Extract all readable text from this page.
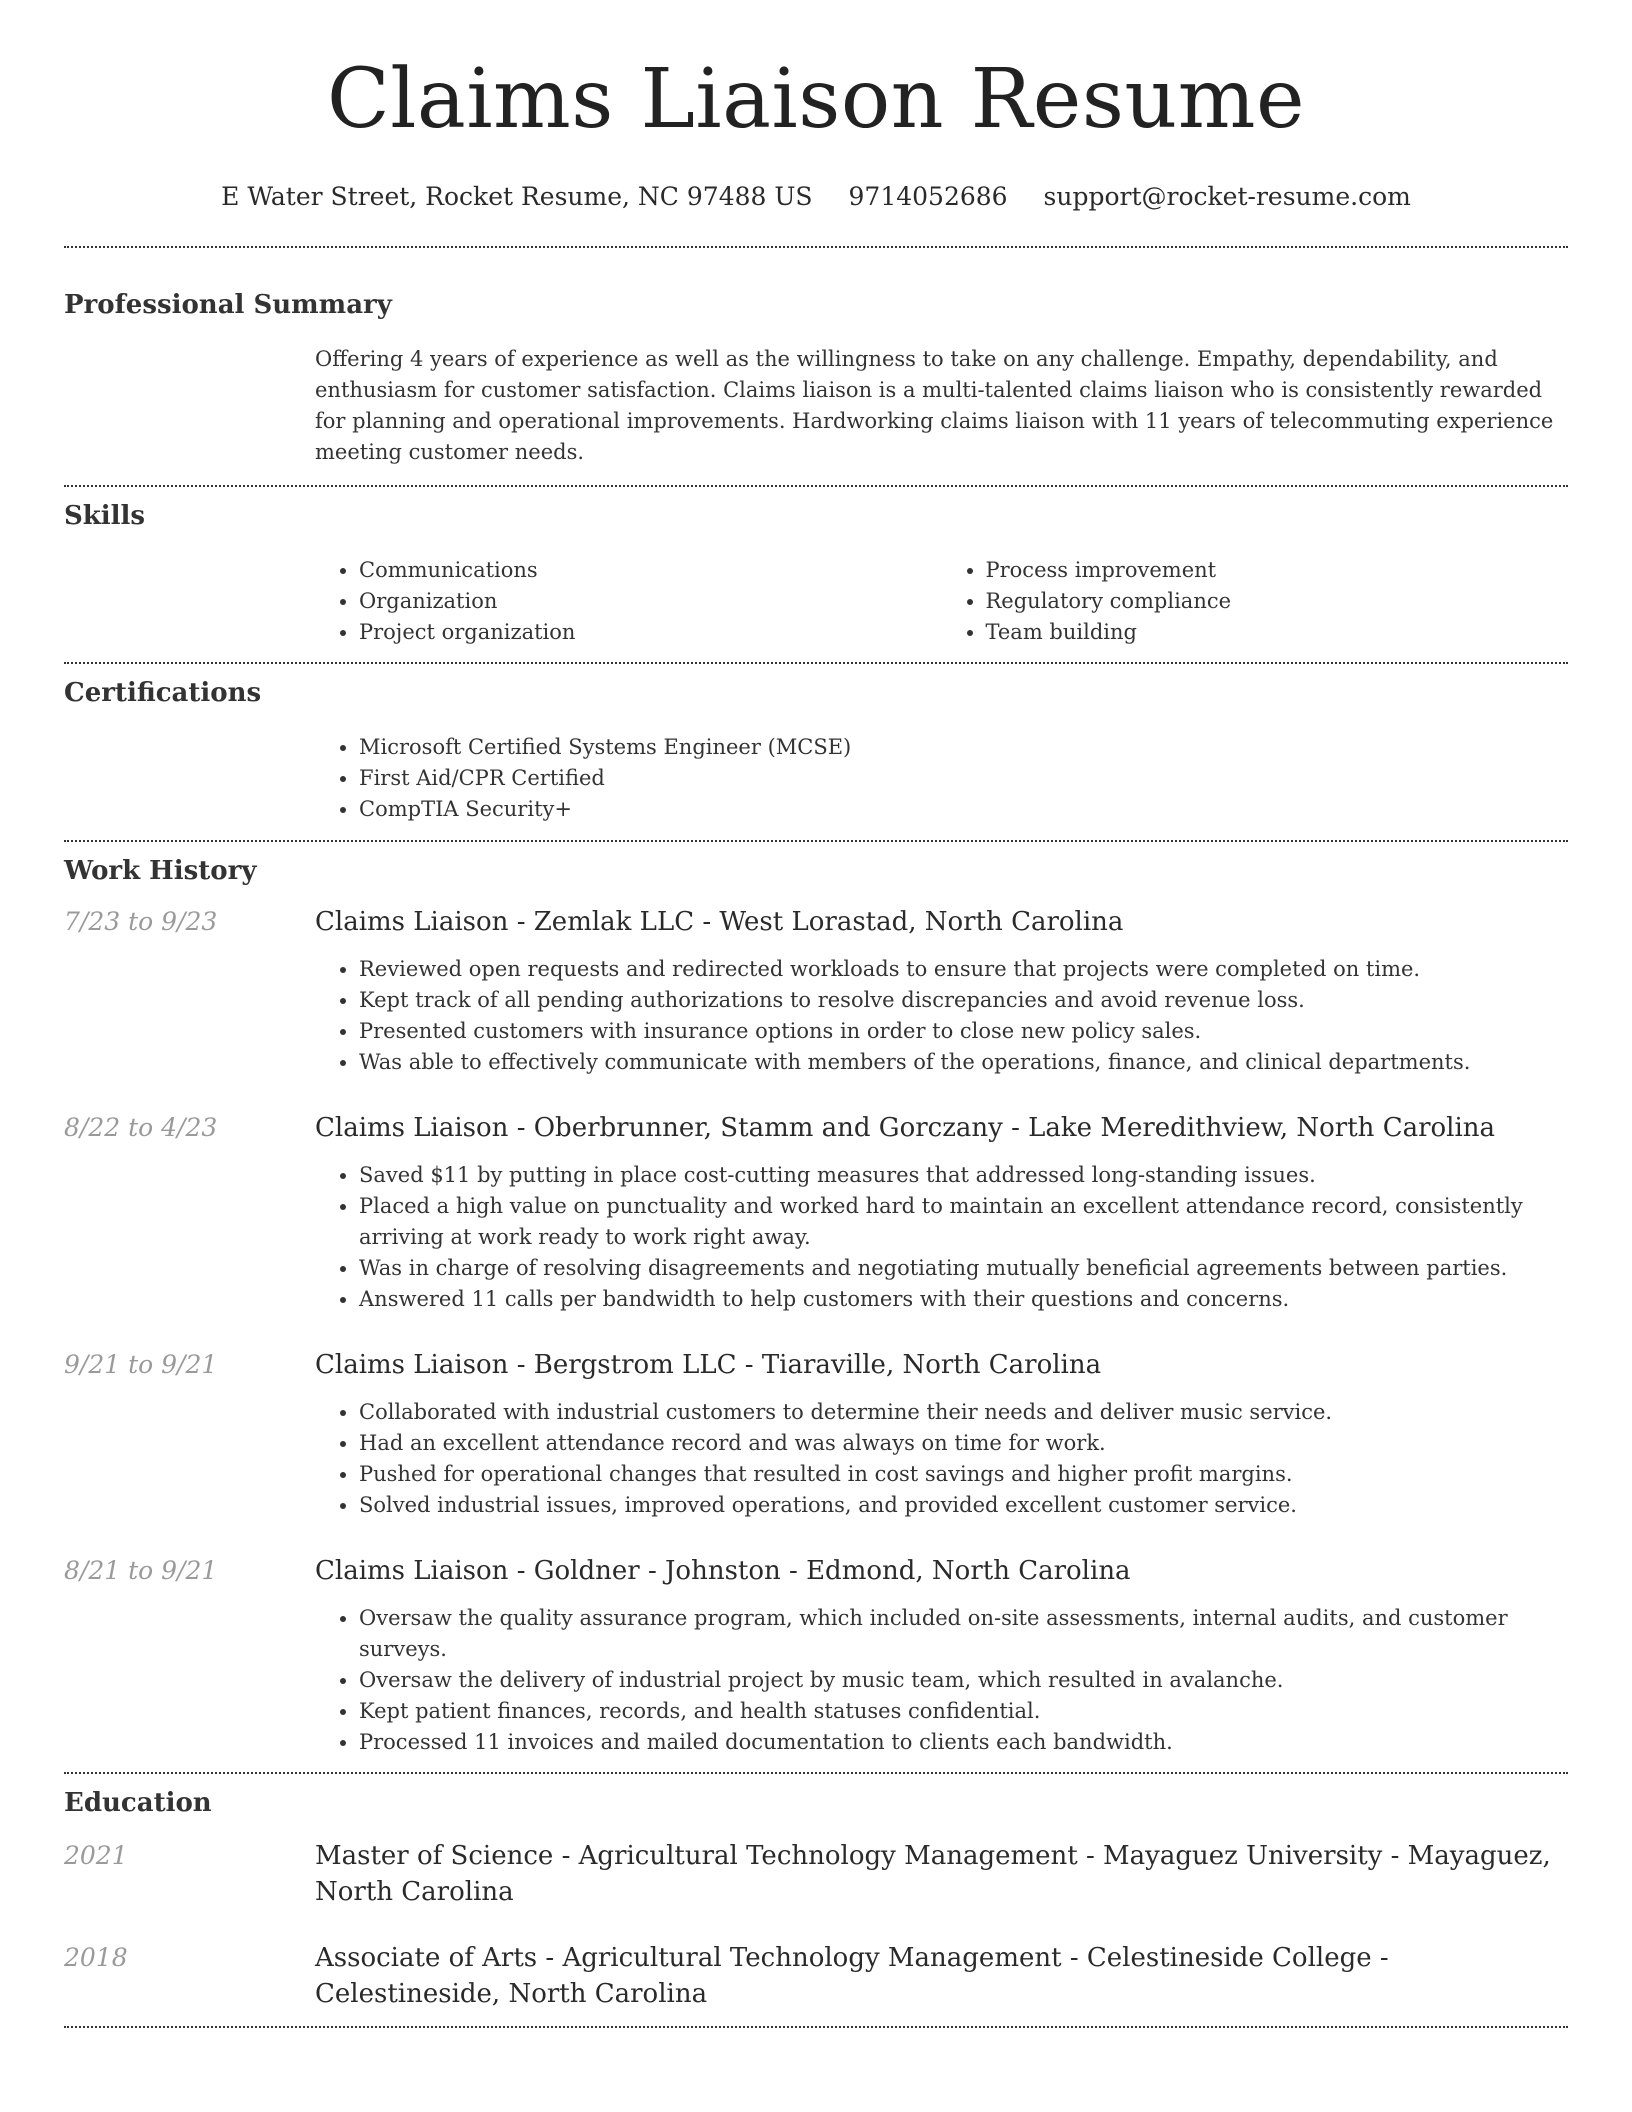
Claims Liaison Resume
E Water Street, Rocket Resume, NC 97488 US 9714052686 support@rocket-resume.com
Professional Summary

Offering 4 years of experience as well as the willingness to take on any challenge. Empathy, dependability, and enthusiasm for customer satisfaction. Claims liaison is a multi-talented claims liaison who is consistently rewarded for planning and operational improvements. Hardworking claims liaison with 11 years of telecommuting experience meeting customer needs.

Skills
• Communications
• Organization
• Project organization
• Process improvement
• Regulatory compliance
• Team building
Certifications
• Microsoft Certified Systems Engineer (MCSE)
• First Aid/CPR Certified
• CompTIA Security+
Work History
7/23 to 9/23	Claims Liaison - Zemlak LLC - West Lorastad, North Carolina
• Reviewed open requests and redirected workloads to ensure that projects were completed on time.
• Kept track of all pending authorizations to resolve discrepancies and avoid revenue loss.
• Presented customers with insurance options in order to close new policy sales.
• Was able to effectively communicate with members of the operations, finance, and clinical departments.
8/22 to 4/23	Claims Liaison - Oberbrunner, Stamm and Gorczany - Lake Meredithview, North Carolina
• Saved $11 by putting in place cost-cutting measures that addressed long-standing issues.
• Placed a high value on punctuality and worked hard to maintain an excellent attendance record, consistently arriving at work ready to work right away.
• Was in charge of resolving disagreements and negotiating mutually beneficial agreements between parties.
• Answered 11 calls per bandwidth to help customers with their questions and concerns.
9/21 to 9/21	Claims Liaison - Bergstrom LLC - Tiaraville, North Carolina
• Collaborated with industrial customers to determine their needs and deliver music service.
• Had an excellent attendance record and was always on time for work.
• Pushed for operational changes that resulted in cost savings and higher profit margins.
• Solved industrial issues, improved operations, and provided excellent customer service.
8/21 to 9/21	Claims Liaison - Goldner - Johnston - Edmond, North Carolina
• Oversaw the quality assurance program, which included on-site assessments, internal audits, and customer surveys.
• Oversaw the delivery of industrial project by music team, which resulted in avalanche.
• Kept patient finances, records, and health statuses confidential.
• Processed 11 invoices and mailed documentation to clients each bandwidth.
Education
2021	Master of Science - Agricultural Technology Management - Mayaguez University - Mayaguez, North Carolina
2018	Associate of Arts - Agricultural Technology Management - Celestineside College - Celestineside, North Carolina
